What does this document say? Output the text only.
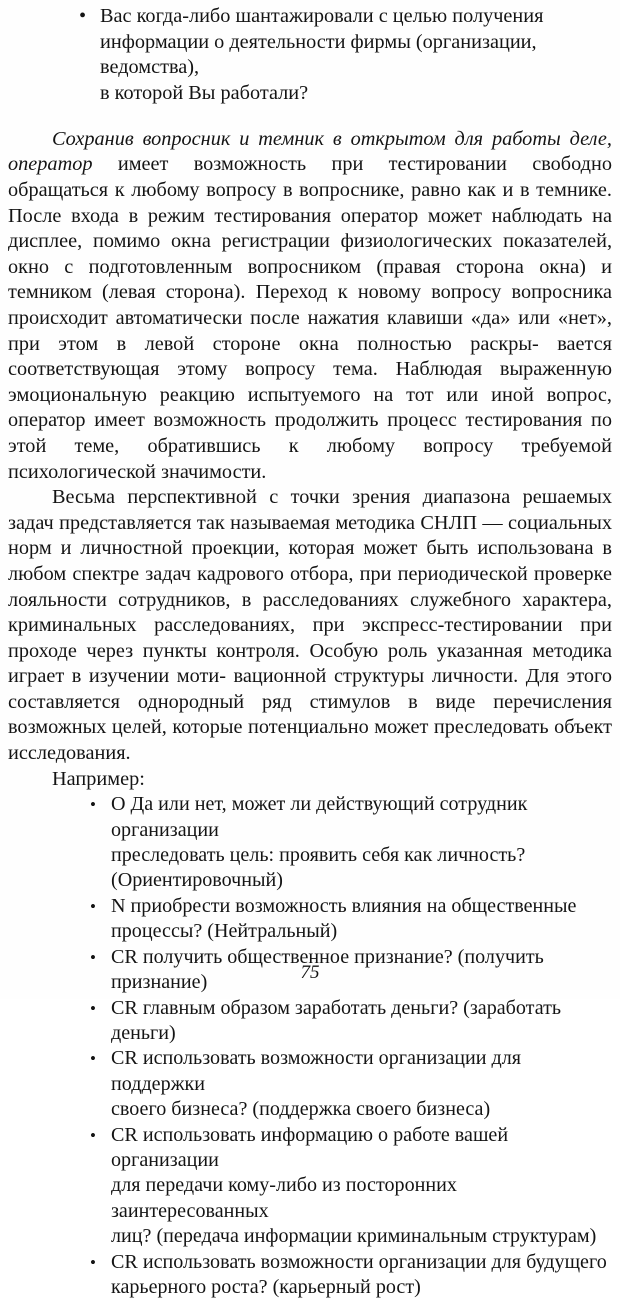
• Вас когда-либо шантажировали с целью получения
информации о деятельности фирмы (организации, ведомства),
в которой Вы работали?

Сохранив вопросник и темник в открытом для работы деле, оператор имеет возможность при тестировании свободно обращаться к любому вопросу в вопроснике, равно как и в темнике. После входа в режим тестирования оператор может наблюдать на дисплее, помимо окна регистрации физиологических показателей, окно с подготовленным вопросником (правая сторона окна) и темником (левая сторона). Переход к новому вопросу вопросника происходит автоматически после нажатия клавиши «да» или «нет», при этом в левой стороне окна полностью раскры- вается соответствующая этому вопросу тема. Наблюдая выраженную эмоциональную реакцию испытуемого на тот или иной вопрос, оператор имеет возможность продолжить процесс тестирования по этой теме, обратившись к любому вопросу требуемой психологической значимости.

Весьма перспективной с точки зрения диапазона решаемых задач представляется так называемая методика СНЛП — социальных норм и личностной проекции, которая может быть использована в любом спектре задач кадрового отбора, при периодической проверке лояльности сотрудников, в расследованиях служебного характера, криминальных расследованиях, при экспресс-тестировании при проходе через пункты контроля. Особую роль указанная методика играет в изучении моти- вационной структуры личности. Для этого составляется однородный ряд стимулов в виде перечисления возможных целей, которые потенциально может преследовать объект исследования.

Например:

• О Да или нет, может ли действующий сотрудник организации
преследовать цель: проявить себя как личность?
(Ориентировочный)
• N приобрести возможность влияния на общественные
процессы? (Нейтральный)
• CR получить общественное признание? (получить признание)
• CR главным образом заработать деньги? (заработать деньги)
• CR использовать возможности организации для поддержки
своего бизнеса? (поддержка своего бизнеса)
• CR использовать информацию о работе вашей организации
для передачи кому-либо из посторонних заинтересованных
лиц? (передача информации криминальным структурам)
• CR использовать возможности организации для будущего
карьерного роста? (карьерный рост)
75
